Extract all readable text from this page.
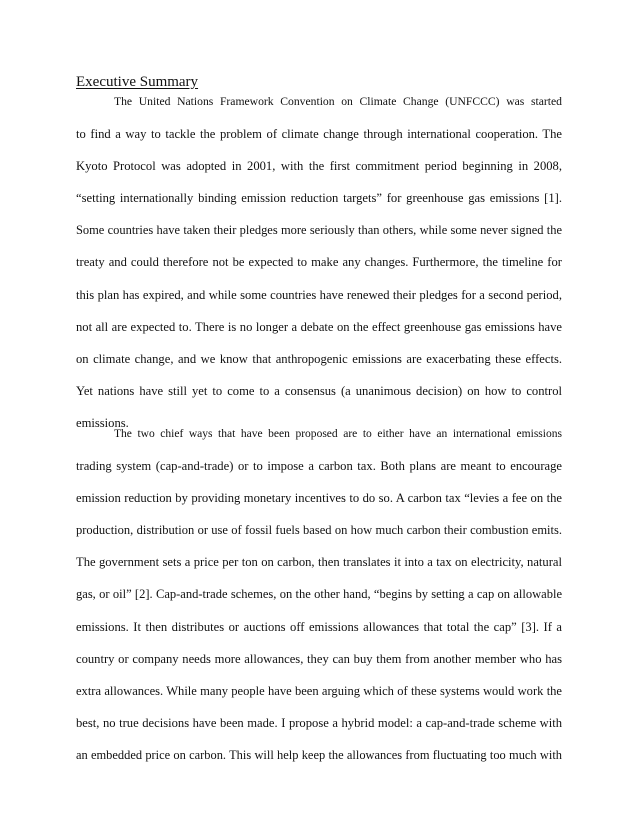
Executive Summary
The United Nations Framework Convention on Climate Change (UNFCCC) was started
to find a way to tackle the problem of climate change through international cooperation. The
Kyoto Protocol was adopted in 2001, with the first commitment period beginning in 2008,
“setting internationally binding emission reduction targets” for greenhouse gas emissions [1].
Some countries have taken their pledges more seriously than others, while some never signed the
treaty and could therefore not be expected to make any changes. Furthermore, the timeline for
this plan has expired, and while some countries have renewed their pledges for a second period,
not all are expected to. There is no longer a debate on the effect greenhouse gas emissions have
on climate change, and we know that anthropogenic emissions are exacerbating these effects.
Yet nations have still yet to come to a consensus (a unanimous decision) on how to control
emissions.
The two chief ways that have been proposed are to either have an international emissions
trading system (cap-and-trade) or to impose a carbon tax. Both plans are meant to encourage
emission reduction by providing monetary incentives to do so. A carbon tax “levies a fee on the
production, distribution or use of fossil fuels based on how much carbon their combustion emits.
The government sets a price per ton on carbon, then translates it into a tax on electricity, natural
gas, or oil” [2]. Cap-and-trade schemes, on the other hand, “begins by setting a cap on allowable
emissions. It then distributes or auctions off emissions allowances that total the cap” [3]. If a
country or company needs more allowances, they can buy them from another member who has
extra allowances. While many people have been arguing which of these systems would work the
best, no true decisions have been made. I propose a hybrid model: a cap-and-trade scheme with
an embedded price on carbon. This will help keep the allowances from fluctuating too much with
